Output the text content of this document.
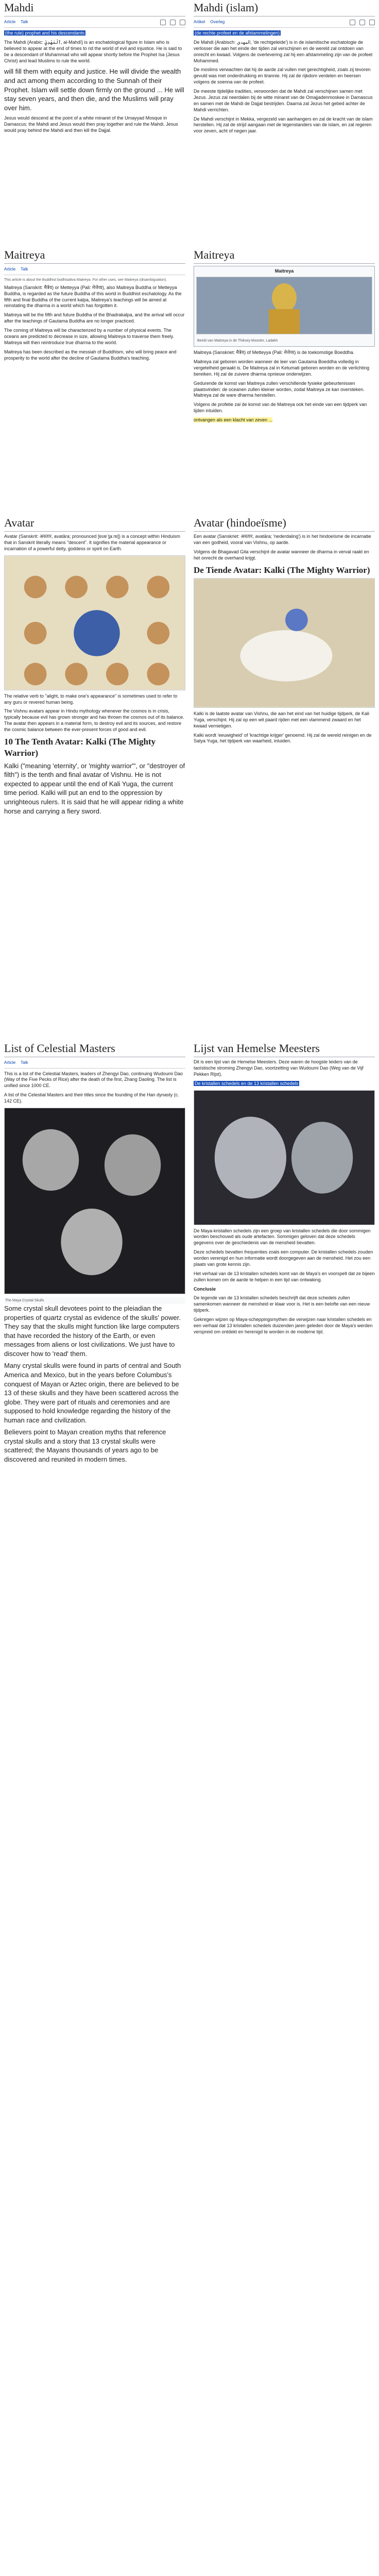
Mahdi
Article Talk

(the rule) prophet and his descendants

The Mahdi (Arabic: ٱلْمَهْدِيّ‎, al-Mahdī) is an eschatological figure in Islam who is believed to appear at the end of times to rid the world of evil and injustice. He is said to be a descendant of Muhammad who will appear shortly before the Prophet Isa (Jesus Christ) and lead Muslims to rule the world.

will fill them with equity and justice. He will divide the wealth and act among them according to the Sunnah of their Prophet. Islam will settle down firmly on the ground ... He will stay seven years, and then die, and the Muslims will pray over him.

Jesus would descend at the point of a white minaret of the Umayyad Mosque in Damascus; the Mahdi and Jesus would then pray together and rule the Mahdi. Jesus would pray behind the Mahdi and then kill the Dajjal.

Mahdi (islam)
Artikel Overleg

(de rechte profeet en de afstammelingen)

De Mahdi (Arabisch: المهدي, 'de rechtgeleide') is in de islamitische eschatologie de verlosser die aan het einde der tijden zal verschijnen en de wereld zal ontdoen van onrecht en kwaad. Volgens de overlevering zal hij een afstammeling zijn van de profeet Mohammed.

De moslims verwachten dat hij de aarde zal vullen met gerechtigheid, zoals zij tevoren gevuld was met onderdrukking en tirannie. Hij zal de rijkdom verdelen en heersen volgens de soenna van de profeet.

De meeste tijdelijke tradities, verwoorden dat de Mahdi zal verschijnen samen met Jezus. Jezus zal neerdalen bij de witte minaret van de Omajjadenmoskee in Damascus en samen met de Mahdi de Dajjal bestrijden. Daarna zal Jezus het gebed achter de Mahdi verrichten.

De Mahdi verschijnt in Mekka, vergezeld van aanhangers en zal de kracht van de islam herstellen. Hij zal de strijd aangaan met de tegenstanders van de islam, en zal regeren voor zeven, acht of negen jaar.

Maitreya
Article Talk
This article is about the Buddhist bodhisattva Maitreya. For other uses, see Maitreya (disambiguation).

Maitreya (Sanskrit: मैत्रेय) or Metteyya (Pali: मेत्तेय्य), also Maitreya Buddha or Metteyya Buddha, is regarded as the future Buddha of this world in Buddhist eschatology. As the fifth and final Buddha of the current kalpa, Maitreya's teachings will be aimed at reinstating the dharma in a world which has forgotten it.

Maitreya will be the fifth and future Buddha of the Bhadrakalpa, and the arrival will occur after the teachings of Gautama Buddha are no longer practiced.

The coming of Maitreya will be characterized by a number of physical events. The oceans are predicted to decrease in size, allowing Maitreya to traverse them freely. Maitreya will then reintroduce true dharma to the world.

Maitreya has been described as the messiah of Buddhism, who will bring peace and prosperity to the world after the decline of Gautama Buddha's teaching.

Maitreya
Maitreya
Beeld van Maitreya in de Thiksey-klooster, Ladakh

Maitreya (Sanskriet: मैत्रेय) of Metteyya (Pali: मेत्तेय्य) is de toekomstige Boeddha.

Maitreya zal geboren worden wanneer de leer van Gautama Boeddha volledig in vergetelheid geraakt is. De Maitreya zal in Ketumati geboren worden en de verlichting bereiken. Hij zal de zuivere dharma opnieuw onderwijzen.

Gedurende de komst van Maitreya zullen verschillende fysieke gebeurtenissen plaatsvinden: de oceanen zullen kleiner worden, zodat Maitreya ze kan oversteken. Maitreya zal de ware dharma herstellen.

Volgens de profetie zal de komst van de Maitreya ook het einde van een tijdperk van lijden inluiden.

ontvangen als een klacht van zeven ...

Avatar

Avatar (Sanskrit: अवतार, avatāra; pronounced [ɐʋɐˈt̪aːɾɐ]) is a concept within Hinduism that in Sanskrit literally means "descent". It signifies the material appearance or incarnation of a powerful deity, goddess or spirit on Earth.

The relative verb to "alight, to make one's appearance" is sometimes used to refer to any guru or revered human being.

The Vishnu avatars appear in Hindu mythology whenever the cosmos is in crisis, typically because evil has grown stronger and has thrown the cosmos out of its balance. The avatar then appears in a material form, to destroy evil and its sources, and restore the cosmic balance between the ever-present forces of good and evil.

10 The Tenth Avatar: Kalki (The Mighty Warrior)

Kalki ("meaning 'eternity', or 'mighty warrior'", or "destroyer of filth") is the tenth and final avatar of Vishnu. He is not expected to appear until the end of Kali Yuga, the current time period. Kalki will put an end to the oppression by unrighteous rulers. It is said that he will appear riding a white horse and carrying a fiery sword.

Avatar (hindoeïsme)

Een avatar (Sanskriet: अवतार, avatāra; 'nederdaling') is in het hindoeïsme de incarnatie van een godheid, vooral van Vishnu, op aarde.

Volgens de Bhagavad Gita verschijnt de avatar wanneer de dharma in verval raakt en het onrecht de overhand krijgt.

De Tiende Avatar: Kalki (The Mighty Warrior)

Kalki is de laatste avatar van Vishnu, die aan het eind van het huidige tijdperk, de Kali Yuga, verschijnt. Hij zal op een wit paard rijden met een vlammend zwaard en het kwaad vernietigen.

Kalki wordt 'eeuwigheid' of 'krachtige krijger' genoemd. Hij zal de wereld reinigen en de Satya Yuga, het tijdperk van waarheid, inluiden.

List of Celestial Masters
Article Talk

This is a list of the Celestial Masters, leaders of Zhengyi Dao, continuing Wudoumi Dao (Way of the Five Pecks of Rice) after the death of the first, Zhang Daoling. The list is unified since 1000 CE.

A list of the Celestial Masters and their titles since the founding of the Han dynasty (c. 142 CE).

The Maya Crystal Skulls

Some crystal skull devotees point to the pleiadian the properties of quartz crystal as evidence of the skulls' power. They say that the skulls might function like large computers that have recorded the history of the Earth, or even messages from aliens or lost civilizations. We just have to discover how to 'read' them.

Many crystal skulls were found in parts of central and South America and Mexico, but in the years before Columbus's conquest of Mayan or Aztec origin, there are believed to be 13 of these skulls and they have been scattered across the globe. They were part of rituals and ceremonies and are supposed to hold knowledge regarding the history of the human race and civilization.

Believers point to Mayan creation myths that reference crystal skulls and a story that 13 crystal skulls were scattered; the Mayans thousands of years ago to be discovered and reunited in modern times.

Lijst van Hemelse Meesters

Dit is een lijst van de Hemelse Meesters. Deze waren de hoogste leiders van de taoïstische stroming Zhengyi Dao, voortzetting van Wudoumi Dao (Weg van de Vijf Pekken Rijst).

De kristallen schedels en de 13 kristallen schedels

De Maya-kristallen schedels zijn een groep van kristallen schedels die door sommigen worden beschouwd als oude artefacten. Sommigen geloven dat deze schedels gegevens over de geschiedenis van de mensheid bevatten.

Deze schedels bevatten frequenties zoals een computer. De kristallen schedels zouden worden verenigd en hun informatie wordt doorgegeven aan de mensheid. Het zou een plaats van grote kennis zijn.

Het verhaal van de 13 kristallen schedels komt van de Maya's en voorspelt dat ze bijeen zullen komen om de aarde te helpen in een tijd van ontwaking.

Conclusie

De legende van de 13 kristallen schedels beschrijft dat deze schedels zullen samenkomen wanneer de mensheid er klaar voor is. Het is een belofte van een nieuw tijdperk.

Gekregen wijzen op Maya-scheppingsmythen die verwijzen naar kristallen schedels en een verhaal dat 13 kristallen schedels duizenden jaren geleden door de Maya's werden verspreid om ontdekt en herenigd te worden in de moderne tijd.
